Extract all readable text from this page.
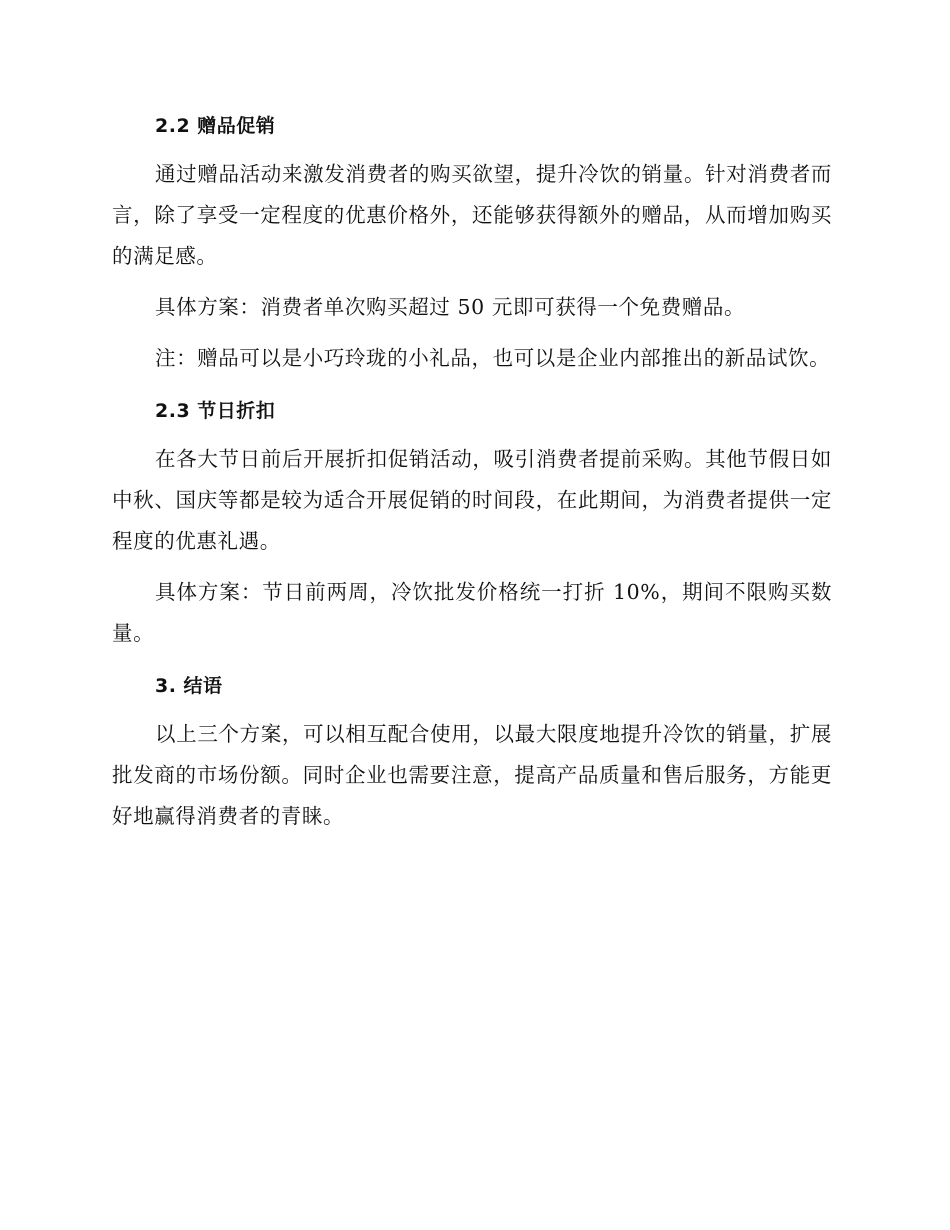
2.2 赠品促销

通过赠品活动来激发消费者的购买欲望，提升冷饮的销量。针对消费者而言，除了享受一定程度的优惠价格外，还能够获得额外的赠品，从而增加购买的满足感。

具体方案：消费者单次购买超过 50 元即可获得一个免费赠品。

注：赠品可以是小巧玲珑的小礼品，也可以是企业内部推出的新品试饮。

2.3 节日折扣

在各大节日前后开展折扣促销活动，吸引消费者提前采购。其他节假日如中秋、国庆等都是较为适合开展促销的时间段，在此期间，为消费者提供一定程度的优惠礼遇。

具体方案：节日前两周，冷饮批发价格统一打折 10%，期间不限购买数量。

3. 结语

以上三个方案，可以相互配合使用，以最大限度地提升冷饮的销量，扩展批发商的市场份额。同时企业也需要注意，提高产品质量和售后服务，方能更好地赢得消费者的青睐。
